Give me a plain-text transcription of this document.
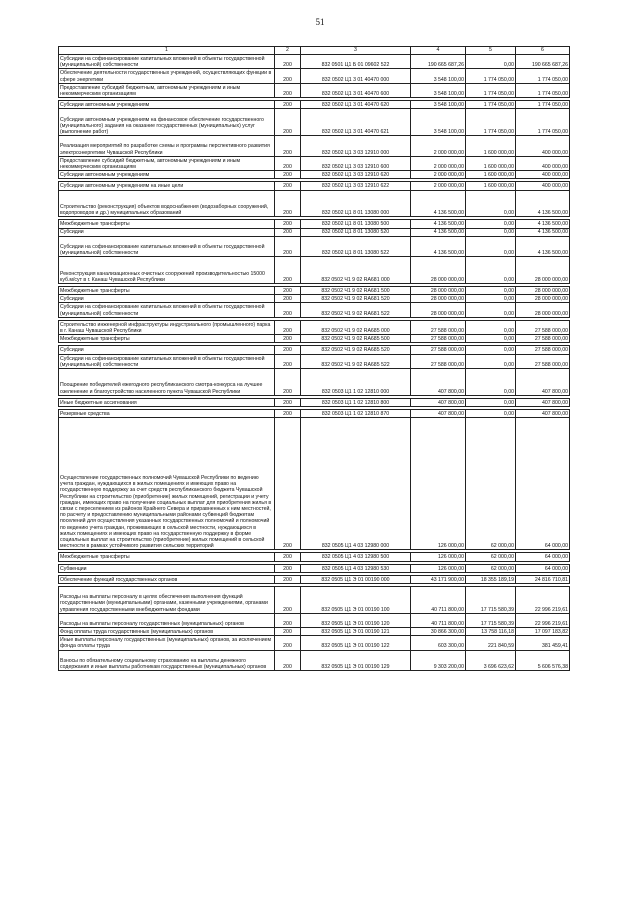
51
1	2	3	4	5	6
Субсидии на софинансирование капитальных вложений в объекты государственной (муниципальной) собственности	200	832 0501 Ц1 Б 01 09602 522	190 665 687,26	0,00	190 665 687,26
Обеспечение деятельности государственных учреждений, осуществляющих функции в сфере энергетики	200	832 0502 Ц1 3 01 40470 000	3 548 100,00	1 774 050,00	1 774 050,00
Предоставление субсидий бюджетным, автономным учреждениям и иным некоммерческим организациям	200	832 0502 Ц1 3 01 40470 600	3 548 100,00	1 774 050,00	1 774 050,00

Субсидии автономным учреждениям	200	832 0502 Ц1 3 01 40470 620	3 548 100,00	1 774 050,00	1 774 050,00
Субсидии автономным учреждениям на финансовое обеспечение государственного (муниципального) задания на оказание государственных (муниципальных) услуг (выполнение работ)	200	832 0502 Ц1 3 01 40470 621	3 548 100,00	1 774 050,00	1 774 050,00
Реализация мероприятий по разработке схемы и программы перспективного развития электроэнергетики Чувашской Республики	200	832 0502 Ц1 3 03 12910 000	2 000 000,00	1 600 000,00	400 000,00
Предоставление субсидий бюджетным, автономным учреждениям и иным некоммерческим организациям	200	832 0502 Ц1 3 03 12910 600	2 000 000,00	1 600 000,00	400 000,00
Субсидии автономным учреждениям	200	832 0502 Ц1 3 03 12910 620	2 000 000,00	1 600 000,00	400 000,00

Субсидии автономным учреждениям на иные цели	200	832 0502 Ц1 3 03 12910 622	2 000 000,00	1 600 000,00	400 000,00
Строительство (реконструкция) объектов водоснабжения (водозаборных сооружений, водопроводов и др.) муниципальных образований	200	832 0502 Ц1 8 01 13080 000	4 136 500,00	0,00	4 136 500,00

Межбюджетные трансферты	200	832 0502 Ц1 8 01 13080 500	4 136 500,00	0,00	4 136 500,00
Субсидии	200	832 0502 Ц1 8 01 13080 520	4 136 500,00	0,00	4 136 500,00
Субсидии на софинансирование капитальных вложений в объекты государственной (муниципальной) собственности	200	832 0502 Ц1 8 01 13080 522	4 136 500,00	0,00	4 136 500,00
Реконструкция канализационных очистных сооружений производительностью 15000 куб.м/сут в г. Канаш Чувашской Республики	200	832 0502 Ч1 9 02 RA681 000	28 000 000,00	0,00	28 000 000,00

Межбюджетные трансферты	200	832 0502 Ч1 9 02 RA681 500	28 000 000,00	0,00	28 000 000,00
Субсидии	200	832 0502 Ч1 9 02 RA681 520	28 000 000,00	0,00	28 000 000,00
Субсидии на софинансирование капитальных вложений в объекты государственной (муниципальной) собственности	200	832 0502 Ч1 9 02 RA681 522	28 000 000,00	0,00	28 000 000,00

Строительство инженерной инфраструктуры индустриального (промышленного) парка в г. Канаш Чувашской Республики	200	832 0502 Ч1 9 02 RA685 000	27 588 000,00	0,00	27 588 000,00
Межбюджетные трансферты	200	832 0502 Ч1 9 02 RA685 500	27 588 000,00	0,00	27 588 000,00

Субсидии	200	832 0502 Ч1 9 02 RA685 520	27 588 000,00	0,00	27 588 000,00
Субсидии на софинансирование капитальных вложений в объекты государственной (муниципальной) собственности	200	832 0502 Ч1 9 02 RA685 522	27 588 000,00	0,00	27 588 000,00
Поощрение победителей ежегодного республиканского смотра-конкурса на лучшее озеленение и благоустройство населенного пункта Чувашской Республики	200	832 0503 Ц1 1 02 12810 000	407 800,00	0,00	407 800,00

Иные бюджетные ассигнования	200	832 0503 Ц1 1 02 12810 800	407 800,00	0,00	407 800,00

Резервные средства	200	832 0503 Ц1 1 02 12810 870	407 800,00	0,00	407 800,00
Осуществление государственных полномочий Чувашской Республики по ведению учета граждан, нуждающихся в жилых помещениях и имеющих право на государственную поддержку за счет средств республиканского бюджета Чувашской Республики на строительство (приобретение) жилых помещений, регистрации и учету граждан, имеющих право на получение социальных выплат для приобретения жилья в связи с переселением из районов Крайнего Севера и приравненных к ним местностей, по расчету и предоставлению муниципальными районами субвенций бюджетам поселений для осуществления указанных государственных полномочий и полномочий по ведению учета граждан, проживающих в сельской местности, нуждающихся в жилых помещениях и имеющих право на государственную поддержку в форме социальных выплат на строительство (приобретение) жилых помещений в сельской местности в рамках устойчивого развития сельских территорий	200	832 0505 Ц1 4 03 12980 000	126 000,00	62 000,00	64 000,00

Межбюджетные трансферты	200	832 0505 Ц1 4 03 12980 500	126 000,00	62 000,00	64 000,00

Субвенции	200	832 0505 Ц1 4 03 12980 530	126 000,00	62 000,00	64 000,00

Обеспечение функций государственных органов	200	832 0505 Ц1 Э 01 00190 000	43 171 900,00	18 355 189,19	24 816 710,81

Расходы на выплаты персоналу в целях обеспечения выполнения функций государственными (муниципальными) органами, казенными учреждениями, органами управления государственными внебюджетными фондами	200	832 0505 Ц1 Э 01 00190 100	40 711 800,00	17 715 580,39	22 996 219,61
Расходы на выплаты персоналу государственных (муниципальных) органов	200	832 0505 Ц1 Э 01 00190 120	40 711 800,00	17 715 580,39	22 996 219,61
Фонд оплаты труда государственных (муниципальных) органов	200	832 0505 Ц1 Э 01 00190 121	30 866 300,00	13 758 116,18	17 097 183,82
Иные выплаты персоналу государственных (муниципальных) органов, за исключением фонда оплаты труда	200	832 0505 Ц1 Э 01 00190 122	603 300,00	221 840,59	381 459,41
Взносы по обязательному социальному страхованию на выплаты денежного содержания и иные выплаты работникам государственных (муниципальных) органов	200	832 0505 Ц1 Э 01 00190 129	9 303 200,00	3 696 623,62	5 606 576,38
